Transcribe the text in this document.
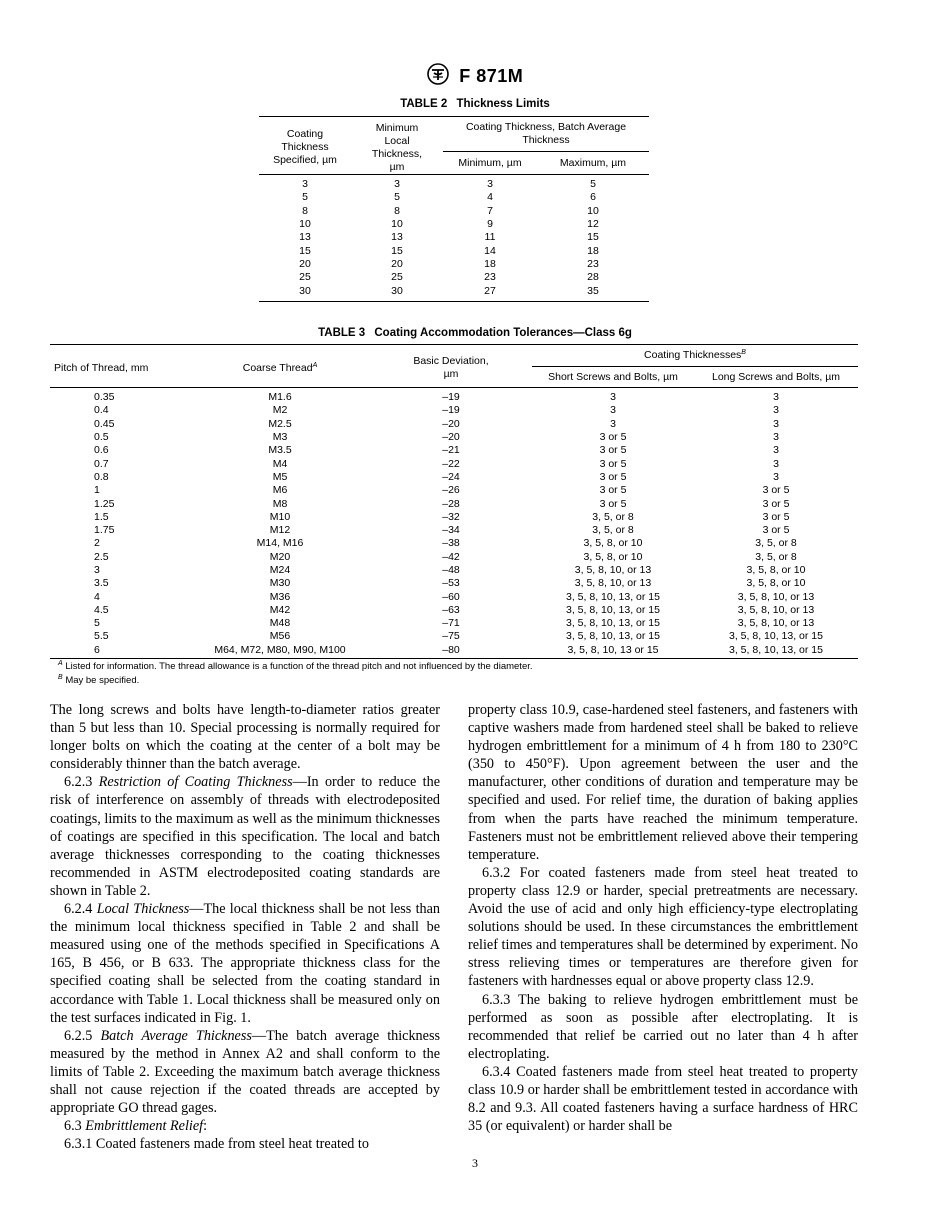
F 871M
TABLE 2 Thickness Limits
Coating Thickness Specified, µm	Minimum Local Thickness, µm	Coating Thickness, Batch Average Thickness	

		Minimum, µm	Maximum, µm
3	3	3	5
5	5	4	6
8	8	7	10
10	10	9	12
13	13	11	15
15	15	14	18
20	20	18	23
25	25	23	28
30	30	27	35
TABLE 3 Coating Accommodation Tolerances—Class 6g
Pitch of Thread, mm	Coarse Thread$^A$	Basic Deviation, µm	Coating Thicknesses$^B$

			Short Screws and Bolts, µm	Long Screws and Bolts, µm
0.35	M1.6	–19	3	3
0.4	M2	–19	3	3
0.45	M2.5	–20	3	3
0.5	M3	–20	3 or 5	3
0.6	M3.5	–21	3 or 5	3
0.7	M4	–22	3 or 5	3
0.8	M5	–24	3 or 5	3
1	M6	–26	3 or 5	3 or 5
1.25	M8	–28	3 or 5	3 or 5
1.5	M10	–32	3, 5, or 8	3 or 5
1.75	M12	–34	3, 5, or 8	3 or 5
2	M14, M16	–38	3, 5, 8, or 10	3, 5, or 8
2.5	M20	–42	3, 5, 8, or 10	3, 5, or 8
3	M24	–48	3, 5, 8, 10, or 13	3, 5, 8, or 10
3.5	M30	–53	3, 5, 8, 10, or 13	3, 5, 8, or 10
4	M36	–60	3, 5, 8, 10, 13, or 15	3, 5, 8, 10, or 13
4.5	M42	–63	3, 5, 8, 10, 13, or 15	3, 5, 8, 10, or 13
5	M48	–71	3, 5, 8, 10, 13, or 15	3, 5, 8, 10, or 13
5.5	M56	–75	3, 5, 8, 10, 13, or 15	3, 5, 8, 10, 13, or 15
6	M64, M72, M80, M90, M100	–80	3, 5, 8, 10, 13 or 15	3, 5, 8, 10, 13, or 15
$^A$ Listed for information. The thread allowance is a function of the thread pitch and not influenced by the diameter.
$^B$ May be specified.

The long screws and bolts have length-to-diameter ratios greater than 5 but less than 10. Special processing is normally required for longer bolts on which the coating at the center of a bolt may be considerably thinner than the batch average.

6.2.3 Restriction of Coating Thickness—In order to reduce the risk of interference on assembly of threads with electrodeposited coatings, limits to the maximum as well as the minimum thicknesses of coatings are specified in this specification. The local and batch average thicknesses corresponding to the coating thicknesses recommended in ASTM electrodeposited coating standards are shown in Table 2.

6.2.4 Local Thickness—The local thickness shall be not less than the minimum local thickness specified in Table 2 and shall be measured using one of the methods specified in Specifications A 165, B 456, or B 633. The appropriate thickness class for the specified coating shall be selected from the coating standard in accordance with Table 1. Local thickness shall be measured only on the test surfaces indicated in Fig. 1.

6.2.5 Batch Average Thickness—The batch average thickness measured by the method in Annex A2 and shall conform to the limits of Table 2. Exceeding the maximum batch average thickness shall not cause rejection if the coated threads are accepted by appropriate GO thread gages.

6.3 Embrittlement Relief:

6.3.1 Coated fasteners made from steel heat treated to

property class 10.9, case-hardened steel fasteners, and fasteners with captive washers made from hardened steel shall be baked to relieve hydrogen embrittlement for a minimum of 4 h from 180 to 230°C (350 to 450°F). Upon agreement between the user and the manufacturer, other conditions of duration and temperature may be specified and used. For relief time, the duration of baking applies from when the parts have reached the minimum temperature. Fasteners must not be embrittlement relieved above their tempering temperature.

6.3.2 For coated fasteners made from steel heat treated to property class 12.9 or harder, special pretreatments are necessary. Avoid the use of acid and only high efficiency-type electroplating solutions should be used. In these circumstances the embrittlement relief times and temperatures shall be determined by experiment. No stress relieving times or temperatures are therefore given for fasteners with hardnesses equal or above property class 12.9.

6.3.3 The baking to relieve hydrogen embrittlement must be performed as soon as possible after electroplating. It is recommended that relief be carried out no later than 4 h after electroplating.

6.3.4 Coated fasteners made from steel heat treated to property class 10.9 or harder shall be embrittlement tested in accordance with 8.2 and 9.3. All coated fasteners having a surface hardness of HRC 35 (or equivalent) or harder shall be

3
